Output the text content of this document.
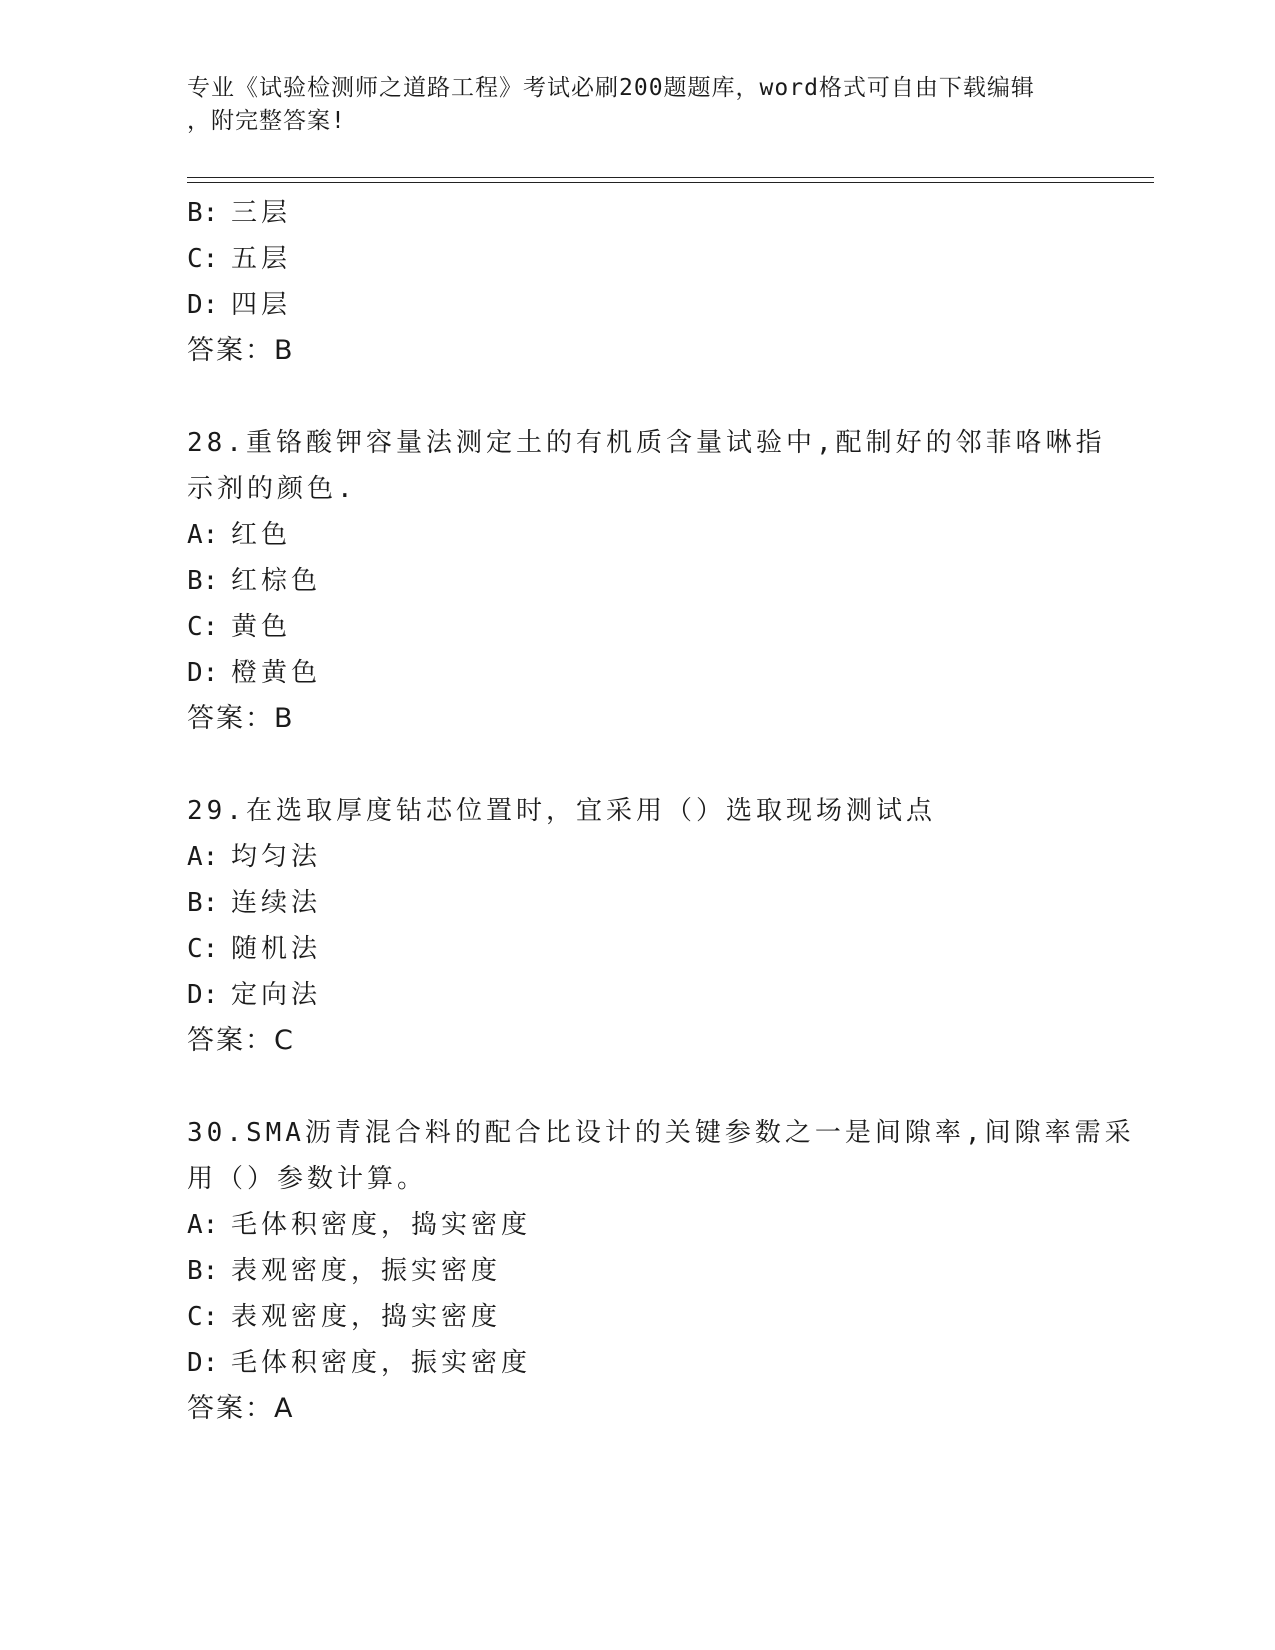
专业《试验检测师之道路工程》考试必刷200题题库，word格式可自由下载编辑
，附完整答案!
B: 三层
C: 五层
D: 四层
答案：B
28.重铬酸钾容量法测定土的有机质含量试验中,配制好的邻菲咯啉指
示剂的颜色.
A: 红色
B: 红棕色
C: 黄色
D: 橙黄色
答案：B
29.在选取厚度钻芯位置时，宜采用（）选取现场测试点
A: 均匀法
B: 连续法
C: 随机法
D: 定向法
答案：C
30.SMA沥青混合料的配合比设计的关键参数之一是间隙率,间隙率需采
用（）参数计算。
A: 毛体积密度，捣实密度
B: 表观密度，振实密度
C: 表观密度，捣实密度
D: 毛体积密度，振实密度
答案：A
